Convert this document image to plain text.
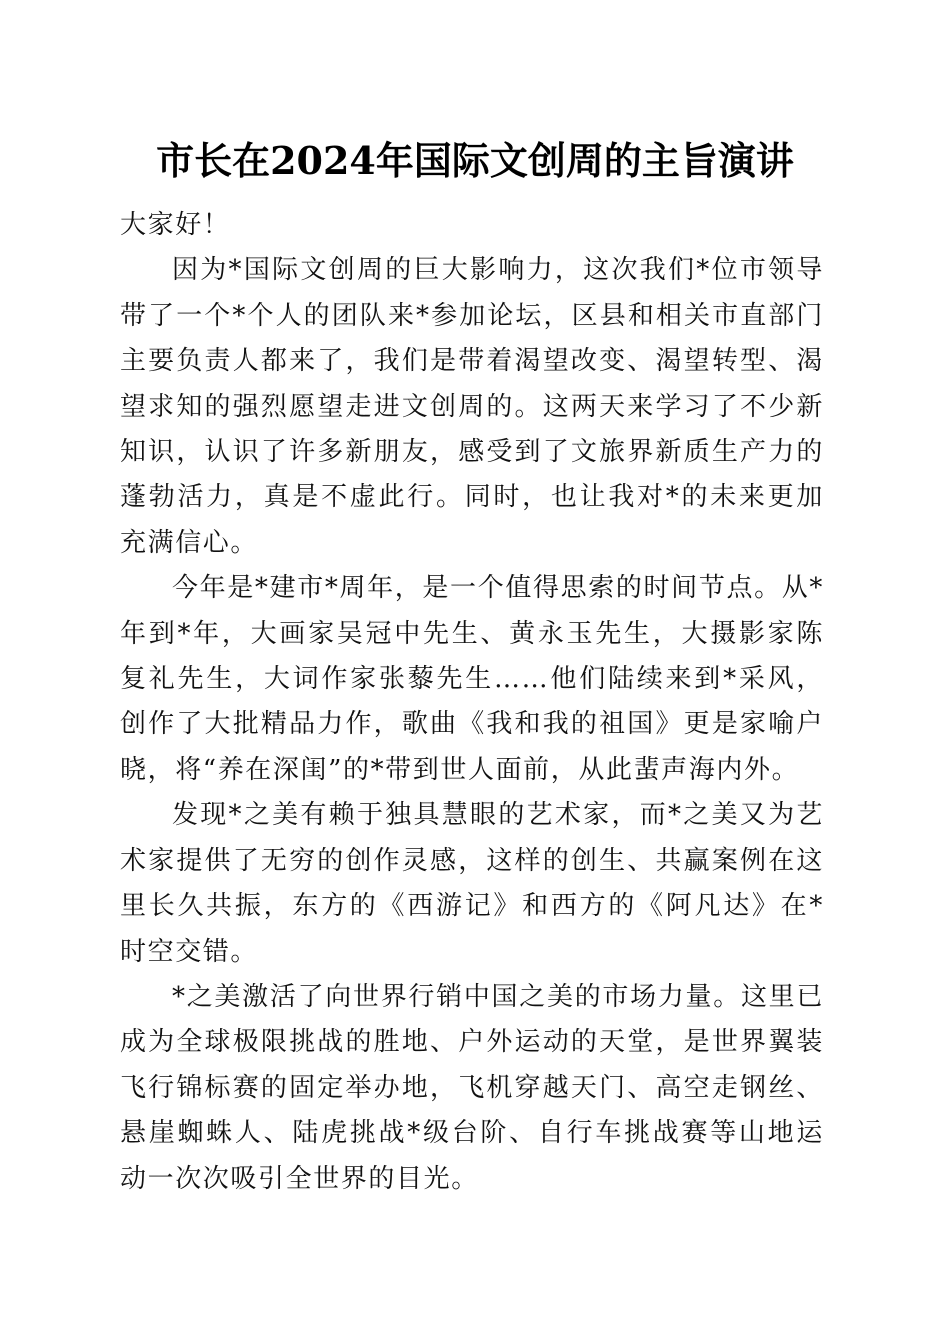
市长在2024年国际文创周的主旨演讲

大家好！

因为*国际文创周的巨大影响力，这次我们*位市领导带了一个*个人的团队来*参加论坛，区县和相关市直部门主要负责人都来了，我们是带着渴望改变、渴望转型、渴望求知的强烈愿望走进文创周的。这两天来学习了不少新知识，认识了许多新朋友，感受到了文旅界新质生产力的蓬勃活力，真是不虚此行。同时，也让我对*的未来更加充满信心。

今年是*建市*周年，是一个值得思索的时间节点。从*年到*年，大画家吴冠中先生、黄永玉先生，大摄影家陈复礼先生，大词作家张藜先生……他们陆续来到*采风，创作了大批精品力作，歌曲《我和我的祖国》更是家喻户晓，将“养在深闺”的*带到世人面前，从此蜚声海内外。

发现*之美有赖于独具慧眼的艺术家，而*之美又为艺术家提供了无穷的创作灵感，这样的创生、共赢案例在这里长久共振，东方的《西游记》和西方的《阿凡达》在*时空交错。

*之美激活了向世界行销中国之美的市场力量。这里已成为全球极限挑战的胜地、户外运动的天堂，是世界翼装飞行锦标赛的固定举办地，飞机穿越天门、高空走钢丝、悬崖蜘蛛人、陆虎挑战*级台阶、自行车挑战赛等山地运动一次次吸引全世界的目光。
